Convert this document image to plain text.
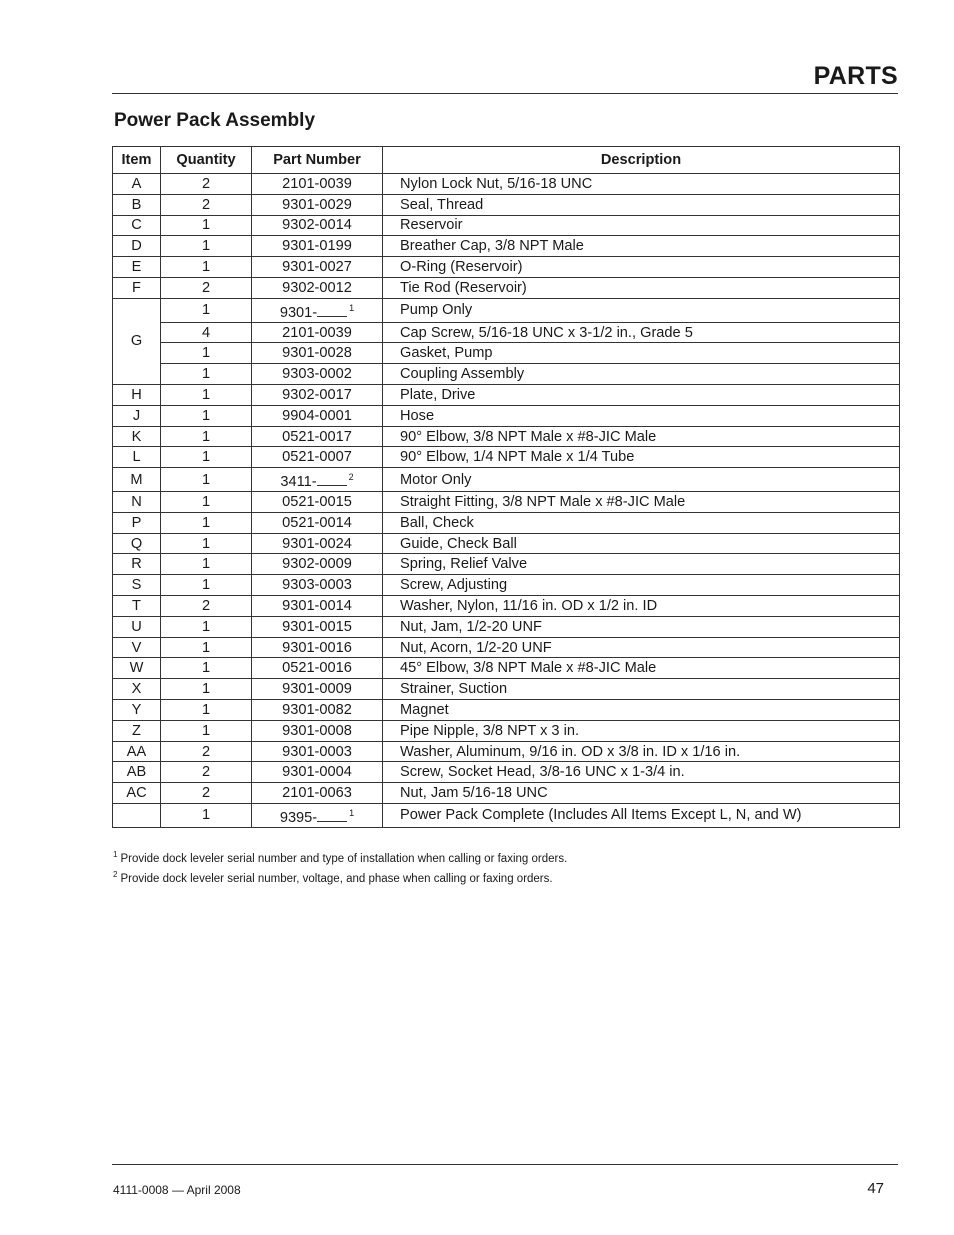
PARTS
Power Pack Assembly
Item	Quantity	Part Number	Description
A	2	2101-0039	Nylon Lock Nut, 5/16-18 UNC
B	2	9301-0029	Seal, Thread
C	1	9302-0014	Reservoir
D	1	9301-0199	Breather Cap, 3/8 NPT Male
E	1	9301-0027	O-Ring (Reservoir)
F	2	9302-0012	Tie Rod (Reservoir)
G	1	9301- $^1$	Pump Only
	4	2101-0039	Cap Screw, 5/16-18 UNC x 3-1/2 in., Grade 5
	1	9301-0028	Gasket, Pump
	1	9303-0002	Coupling Assembly
H	1	9302-0017	Plate, Drive
J	1	9904-0001	Hose
K	1	0521-0017	90° Elbow, 3/8 NPT Male x #8-JIC Male
L	1	0521-0007	90° Elbow, 1/4 NPT Male x 1/4 Tube
M	1	3411- $^2$	Motor Only
N	1	0521-0015	Straight Fitting, 3/8 NPT Male x #8-JIC Male
P	1	0521-0014	Ball, Check
Q	1	9301-0024	Guide, Check Ball
R	1	9302-0009	Spring, Relief Valve
S	1	9303-0003	Screw, Adjusting
T	2	9301-0014	Washer, Nylon, 11/16 in. OD x 1/2 in. ID
U	1	9301-0015	Nut, Jam, 1/2-20 UNF
V	1	9301-0016	Nut, Acorn, 1/2-20 UNF
W	1	0521-0016	45° Elbow, 3/8 NPT Male x #8-JIC Male
X	1	9301-0009	Strainer, Suction
Y	1	9301-0082	Magnet
Z	1	9301-0008	Pipe Nipple, 3/8 NPT x 3 in.
AA	2	9301-0003	Washer, Aluminum, 9/16 in. OD x 3/8 in. ID x 1/16 in.
AB	2	9301-0004	Screw, Socket Head, 3/8-16 UNC x 1-3/4 in.
AC	2	2101-0063	Nut, Jam 5/16-18 UNC
	1	9395- $^1$	Power Pack Complete (Includes All Items Except L, N, and W)
$^1$ Provide dock leveler serial number and type of installation when calling or faxing orders.
$^2$ Provide dock leveler serial number, voltage, and phase when calling or faxing orders.
4111-0008 — April 2008	47
